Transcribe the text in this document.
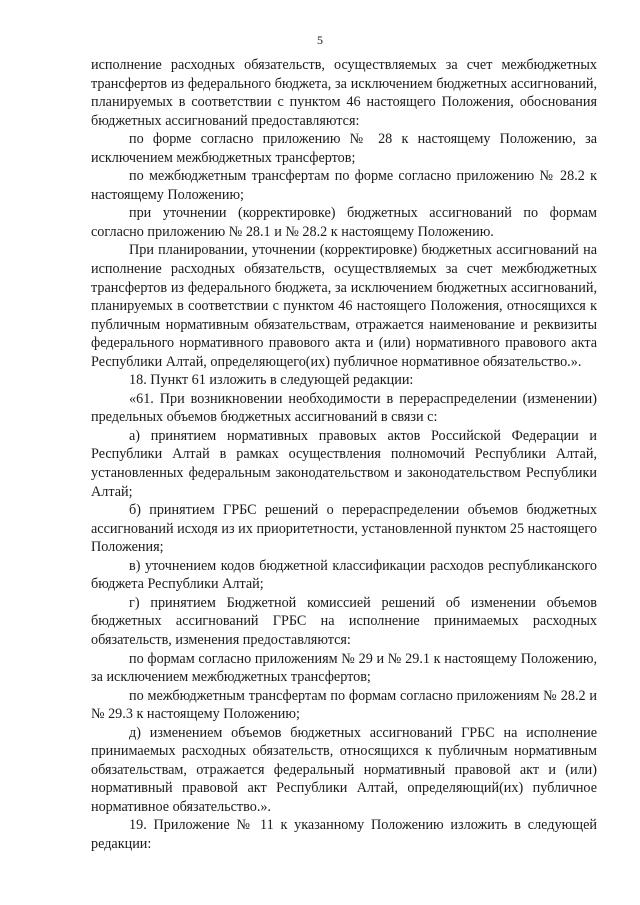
5

исполнение расходных обязательств, осуществляемых за счет межбюджетных трансфертов из федерального бюджета, за исключением бюджетных ассигнований, планируемых в соответствии с пунктом 46 настоящего Положения, обоснования бюджетных ассигнований предоставляются:

по форме согласно приложению № 28 к настоящему Положению, за исключением межбюджетных трансфертов;

по межбюджетным трансфертам по форме согласно приложению № 28.2 к настоящему Положению;

при уточнении (корректировке) бюджетных ассигнований по формам согласно приложению № 28.1 и № 28.2 к настоящему Положению.

При планировании, уточнении (корректировке) бюджетных ассигнований на исполнение расходных обязательств, осуществляемых за счет межбюджетных трансфертов из федерального бюджета, за исключением бюджетных ассигнований, планируемых в соответствии с пунктом 46 настоящего Положения, относящихся к публичным нормативным обязательствам, отражается наименование и реквизиты федерального нормативного правового акта и (или) нормативного правового акта Республики Алтай, определяющего(их) публичное нормативное обязательство.».

18. Пункт 61 изложить в следующей редакции:

«61. При возникновении необходимости в перераспределении (изменении) предельных объемов бюджетных ассигнований в связи с:

а) принятием нормативных правовых актов Российской Федерации и Республики Алтай в рамках осуществления полномочий Республики Алтай, установленных федеральным законодательством и законодательством Республики Алтай;

б) принятием ГРБС решений о перераспределении объемов бюджетных ассигнований исходя из их приоритетности, установленной пунктом 25 настоящего Положения;

в) уточнением кодов бюджетной классификации расходов республиканского бюджета Республики Алтай;

г) принятием Бюджетной комиссией решений об изменении объемов бюджетных ассигнований ГРБС на исполнение принимаемых расходных обязательств, изменения предоставляются:

по формам согласно приложениям № 29 и № 29.1 к настоящему Положению, за исключением межбюджетных трансфертов;

по межбюджетным трансфертам по формам согласно приложениям № 28.2 и № 29.3 к настоящему Положению;

д) изменением объемов бюджетных ассигнований ГРБС на исполнение принимаемых расходных обязательств, относящихся к публичным нормативным обязательствам, отражается федеральный нормативный правовой акт и (или) нормативный правовой акт Республики Алтай, определяющий(их) публичное нормативное обязательство.».

19. Приложение № 11 к указанному Положению изложить в следующей редакции:
